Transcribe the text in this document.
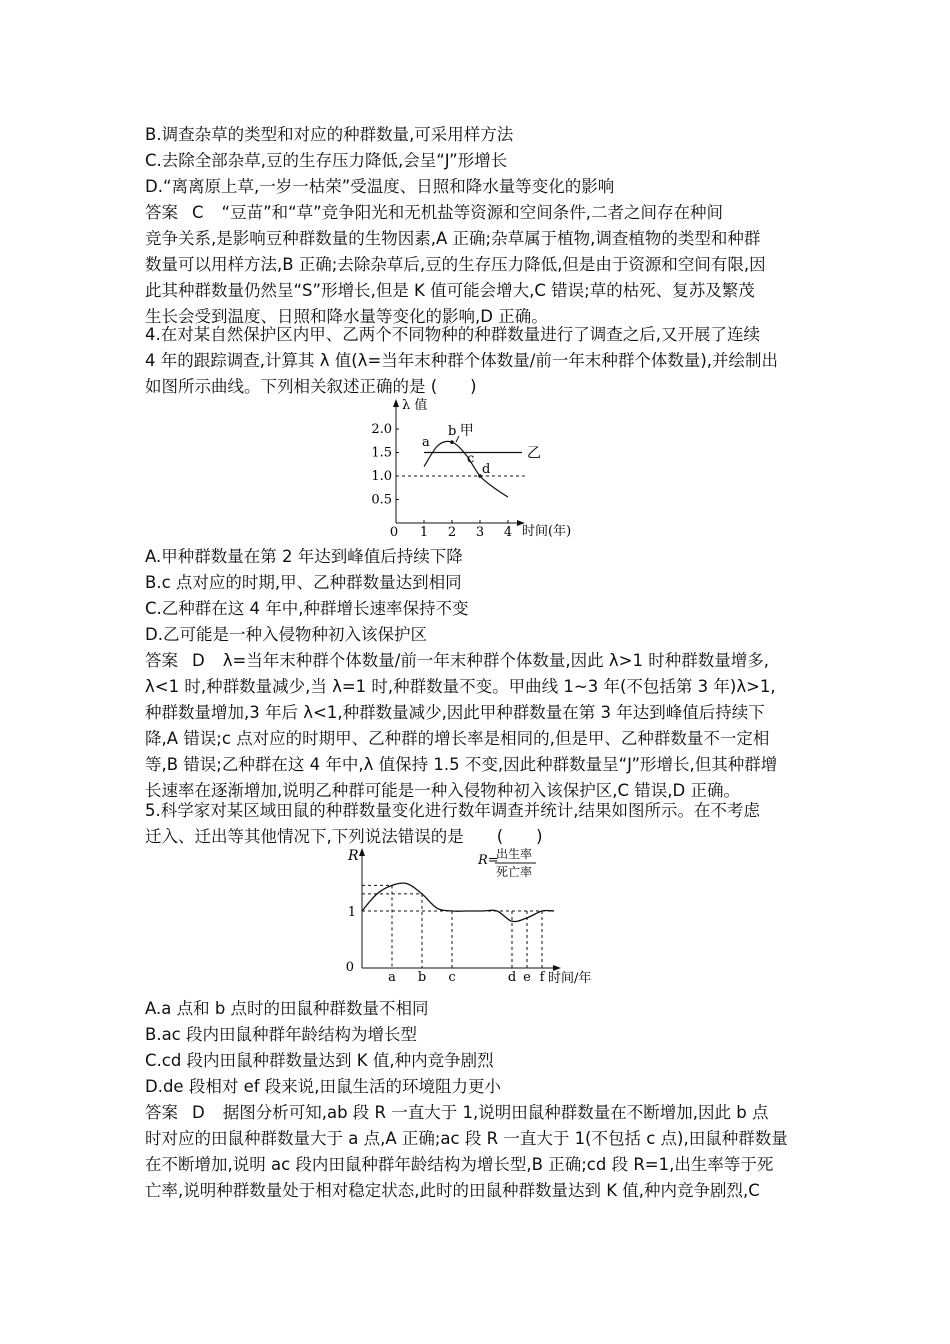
B.调查杂草的类型和对应的种群数量,可采用样方法
C.去除全部杂草,豆的生存压力降低,会呈“J”形增长
D.“离离原上草,一岁一枯荣”受温度、日照和降水量等变化的影响
答案 C “豆苗”和“草”竞争阳光和无机盐等资源和空间条件,二者之间存在种间
竞争关系,是影响豆种群数量的生物因素,A 正确;杂草属于植物,调查植物的类型和种群
数量可以用样方法,B 正确;去除杂草后,豆的生存压力降低,但是由于资源和空间有限,因
此其种群数量仍然呈“S”形增长,但是 K 值可能会增大,C 错误;草的枯死、复苏及繁茂
生长会受到温度、日照和降水量等变化的影响,D 正确。
4.在对某自然保护区内甲、乙两个不同物种的种群数量进行了调查之后,又开展了连续
4 年的跟踪调查,计算其 λ 值(λ=当年末种群个体数量/前一年末种群个体数量),并绘制出
如图所示曲线。下列相关叙述正确的是 (　　)
λ 值
时间(年)
0.5
1.0
1.5
2.0
0 1 2 3 4
乙
甲
a
b
c
d
A.甲种群数量在第 2 年达到峰值后持续下降
B.c 点对应的时期,甲、乙种群数量达到相同
C.乙种群在这 4 年中,种群增长速率保持不变
D.乙可能是一种入侵物种初入该保护区
答案 D λ=当年末种群个体数量/前一年末种群个体数量,因此 λ>1 时种群数量增多,
λ<1 时,种群数量减少,当 λ=1 时,种群数量不变。甲曲线 1~3 年(不包括第 3 年)λ>1,
种群数量增加,3 年后 λ<1,种群数量减少,因此甲种群数量在第 3 年达到峰值后持续下
降,A 错误;c 点对应的时期甲、乙种群的增长率是相同的,但是甲、乙种群数量不一定相
等,B 错误;乙种群在这 4 年中,λ 值保持 1.5 不变,因此种群数量呈“J”形增长,但其种群增
长速率在逐渐增加,说明乙种群可能是一种入侵物种初入该保护区,C 错误,D 正确。
5.科学家对某区域田鼠的种群数量变化进行数年调查并统计,结果如图所示。在不考虑
迁入、迁出等其他情况下,下列说法错误的是　　(　　)
R
时间/年
0
1
R=
出生率
死亡率
a b c	d e f
A.a 点和 b 点时的田鼠种群数量不相同
B.ac 段内田鼠种群年龄结构为增长型
C.cd 段内田鼠种群数量达到 K 值,种内竞争剧烈
D.de 段相对 ef 段来说,田鼠生活的环境阻力更小
答案 D 据图分析可知,ab 段 R 一直大于 1,说明田鼠种群数量在不断增加,因此 b 点
时对应的田鼠种群数量大于 a 点,A 正确;ac 段 R 一直大于 1(不包括 c 点),田鼠种群数量
在不断增加,说明 ac 段内田鼠种群年龄结构为增长型,B 正确;cd 段 R=1,出生率等于死
亡率,说明种群数量处于相对稳定状态,此时的田鼠种群数量达到 K 值,种内竞争剧烈,C
